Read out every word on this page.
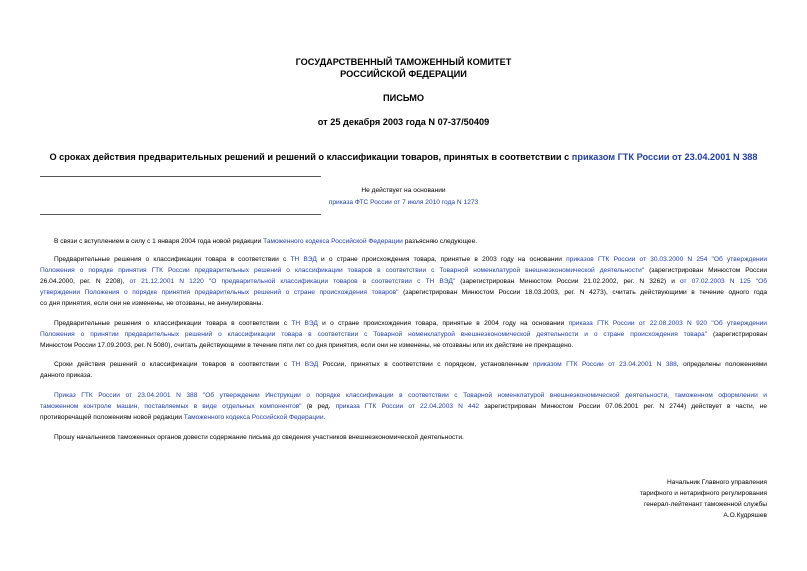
ГОСУДАРСТВЕННЫЙ ТАМОЖЕННЫЙ КОМИТЕТ
РОССИЙСКОЙ ФЕДЕРАЦИИ
ПИСЬМО
от 25 декабря 2003 года N 07-37/50409
О сроках действия предварительных решений и решений о классификации товаров, принятых в соответствии с приказом ГТК России от 23.04.2001 N 388
Не действует на основании
приказа ФТС России от 7 июля 2010 года N 1273
В связи с вступлением в силу с 1 января 2004 года новой редакции Таможенного кодекса Российской Федерации разъясняю следующее.
Предварительные решения о классификации товара в соответствии с ТН ВЭД и о стране происхождения товара, принятые в 2003 году на основании приказов ГТК России от 30.03.2000 N 254 "Об утверждении
Положения о порядке принятия ГТК России предварительных решений о классификации товаров в соответствии с Товарной номенклатурой внешнеэкономической деятельности" (зарегистрирован Минюстом России
26.04.2000, рег. N 2208), от 21.12.2001 N 1220 "О предварительной классификации товаров в соответствии с ТН ВЭД" (зарегистрирован Минюстом России 21.02.2002, рег. N 3262) и от 07.02.2003 N 125 "Об
утверждении Положения о порядке принятия предварительных решений о стране происхождения товаров" (зарегистрирован Минюстом России 18.03.2003, рег. N 4273), считать действующими в течение одного года
со дня принятия, если они не изменены, не отозваны, не аннулированы.
Предварительные решения о классификации товара в соответствии с ТН ВЭД и о стране происхождения товара, принятые в 2004 году на основании приказа ГТК России от 22.08.2003 N 920 "Об утверждении
Положения о принятии предварительных решений о классификации товара в соответствии с Товарной номенклатурой внешнеэкономической деятельности и о стране происхождения товара" (зарегистрирован
Минюстом России 17.09.2003, рег. N 5080), считать действующими в течение пяти лет со дня принятия, если они не изменены, не отозваны или их действие не прекращено.
Сроки действия решений о классификации товаров в соответствии с ТН ВЭД России, принятых в соответствии с порядком, установленным приказом ГТК России от 23.04.2001 N 388, определены положениями
данного приказа.
Приказ ГТК России от 23.04.2001 N 388 "Об утверждении Инструкции о порядке классификации в соответствии с Товарной номенклатурой внешнеэкономической деятельности, таможенном оформлении и
таможенном контроле машин, поставляемых в виде отдельных компонентов" (в ред. приказа ГТК России от 22.04.2003 N 442 зарегистрирован Минюстом России 07.06.2001 рег. N 2744) действует в части, не
противоречащей положениям новой редакции Таможенного кодекса Российской Федерации.
Прошу начальников таможенных органов довести содержание письма до сведения участников внешнеэкономической деятельности.
Начальник Главного управления
тарифного и нетарифного регулирования
генерал-лейтенант таможенной службы
А.О.Кудряшев
